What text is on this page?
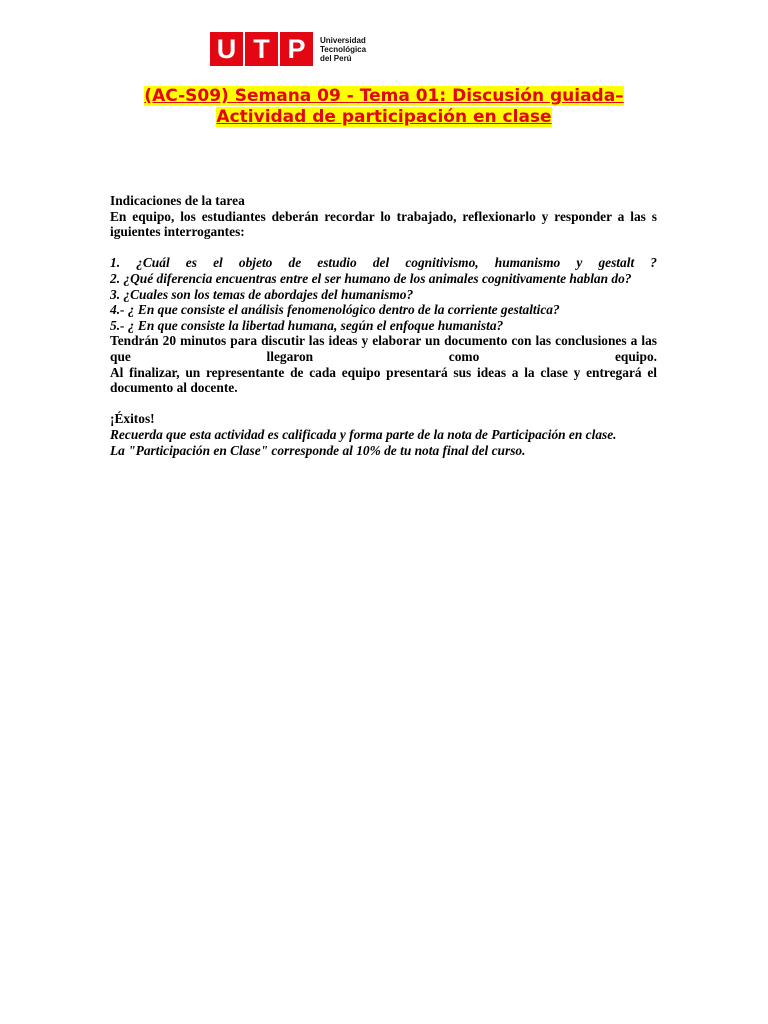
U T P	Universidad
Tecnológica
del Perú
(AC-S09) Semana 09 - Tema 01: Discusión guiada–
Actividad de participación en clase

Indicaciones de la tarea

En equipo, los estudiantes deberán recordar lo trabajado, reflexionarlo y responder a las s iguientes interrogantes:

1. ¿Cuál es el objeto de estudio del cognitivismo, humanismo y gestalt ?

2. ¿Qué diferencia encuentras entre el ser humano de los animales cognitivamente hablan do?

3. ¿Cuales son los temas de abordajes del humanismo?

4.- ¿ En que consiste el análisis fenomenológico dentro de la corriente gestaltica?

5.- ¿ En que consiste la libertad humana, según el enfoque humanista?

Tendrán 20 minutos para discutir las ideas y elaborar un documento con las conclusiones a las que llegaron como equipo.

Al finalizar, un representante de cada equipo presentará sus ideas a la clase y entregará el documento al docente.

¡Éxitos!

Recuerda que esta actividad es calificada y forma parte de la nota de Participación en clase.

La "Participación en Clase" corresponde al 10% de tu nota final del curso.
